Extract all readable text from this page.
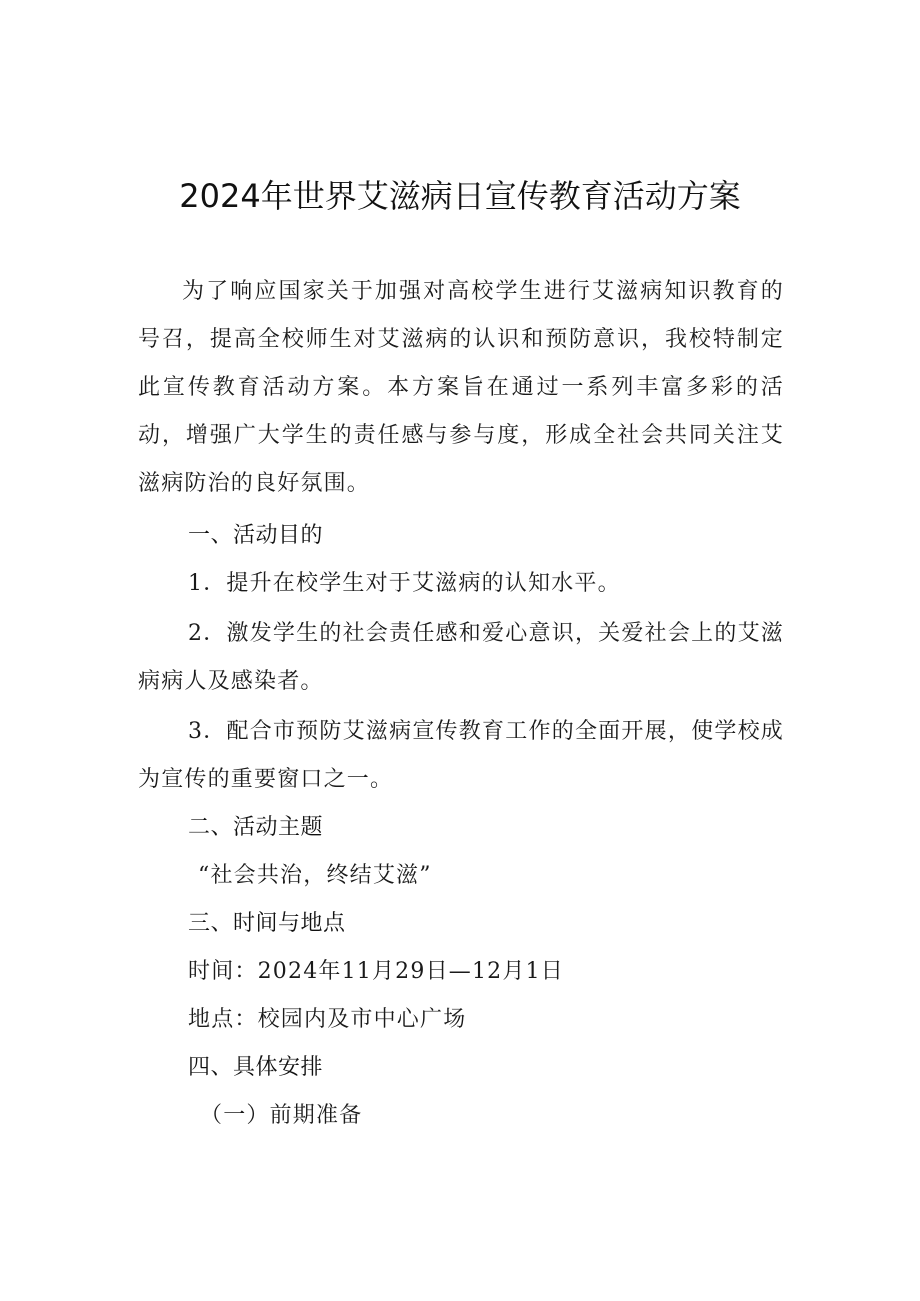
2024年世界艾滋病日宣传教育活动方案

为了响应国家关于加强对高校学生进行艾滋病知识教育的号召，提高全校师生对艾滋病的认识和预防意识，我校特制定此宣传教育活动方案。本方案旨在通过一系列丰富多彩的活动，增强广大学生的责任感与参与度，形成全社会共同关注艾滋病防治的良好氛围。

一、活动目的

1．提升在校学生对于艾滋病的认知水平。

2．激发学生的社会责任感和爱心意识，关爱社会上的艾滋病病人及感染者。

3．配合市预防艾滋病宣传教育工作的全面开展，使学校成为宣传的重要窗口之一。

二、活动主题

“社会共治，终结艾滋”

三、时间与地点

时间：2024年11月29日—12月1日

地点：校园内及市中心广场

四、具体安排

（一）前期准备
